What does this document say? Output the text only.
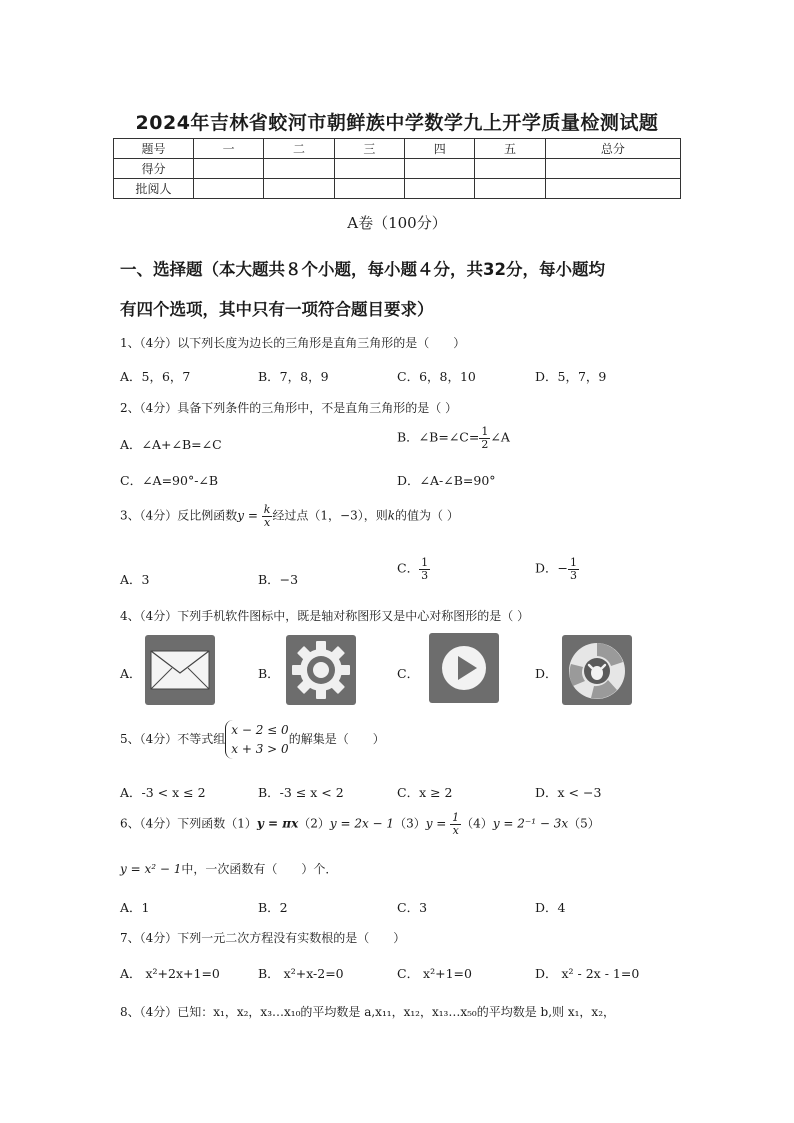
2024年吉林省蛟河市朝鲜族中学数学九上开学质量检测试题
题号	一	二	三	四	五	总分
得分						
批阅人						
A卷（100分）
一、选择题（本大题共８个小题，每小题４分，共32分，每小题均
有四个选项，其中只有一项符合题目要求）
1、（4分）以下列长度为边长的三角形是直角三角形的是（　　）
A．5，6，7	B．7，8，9	C．6，8，10	D．5，7，9
2、（4分）具备下列条件的三角形中，不是直角三角形的是（ ）
A．∠A+∠B=∠C	B．∠B=∠C= $\frac{1}{2}$ ∠A
C．∠A=90°-∠B	D．∠A-∠B=90°
3、（4分）反比例函数$y = \frac{k}{x}$ 经过点（1，−3），则k的值为（ ）
A．3	B．−3
C． $\frac{1}{3}$	D．− $\frac{1}{3}$
4、（4分）下列手机软件图标中，既是轴对称图形又是中心对称图形的是（ ）
A．	B．	C．	D．
5、（4分）不等式组
x − 2 ≤ 0
x + 3 > 0
的解集是（　　）
A．-3 < x ≤ 2	B．-3 ≤ x < 2	C．x ≥ 2	D．x < −3
6、（4分）下列函数$(1)y = \pi x(2)y = 2x - 1(3)y = \frac{1}{x} (4)y = 2^{-1} - 3x(5)$
y = x² − 1中，一次函数有（　　）个．
A．1	B．2	C．3	D．4
7、（4分）下列一元二次方程没有实数根的是（　　）
A． x²+2x+1=0	B． x²+x-2=0	C． x²+1=0	D． x² - 2x - 1=0
8、（4分）已知：x₁，x₂，x₃…x₁₀的平均数是 a,x₁₁，x₁₂，x₁₃…x₅₀的平均数是 b,则 x₁，x₂，
